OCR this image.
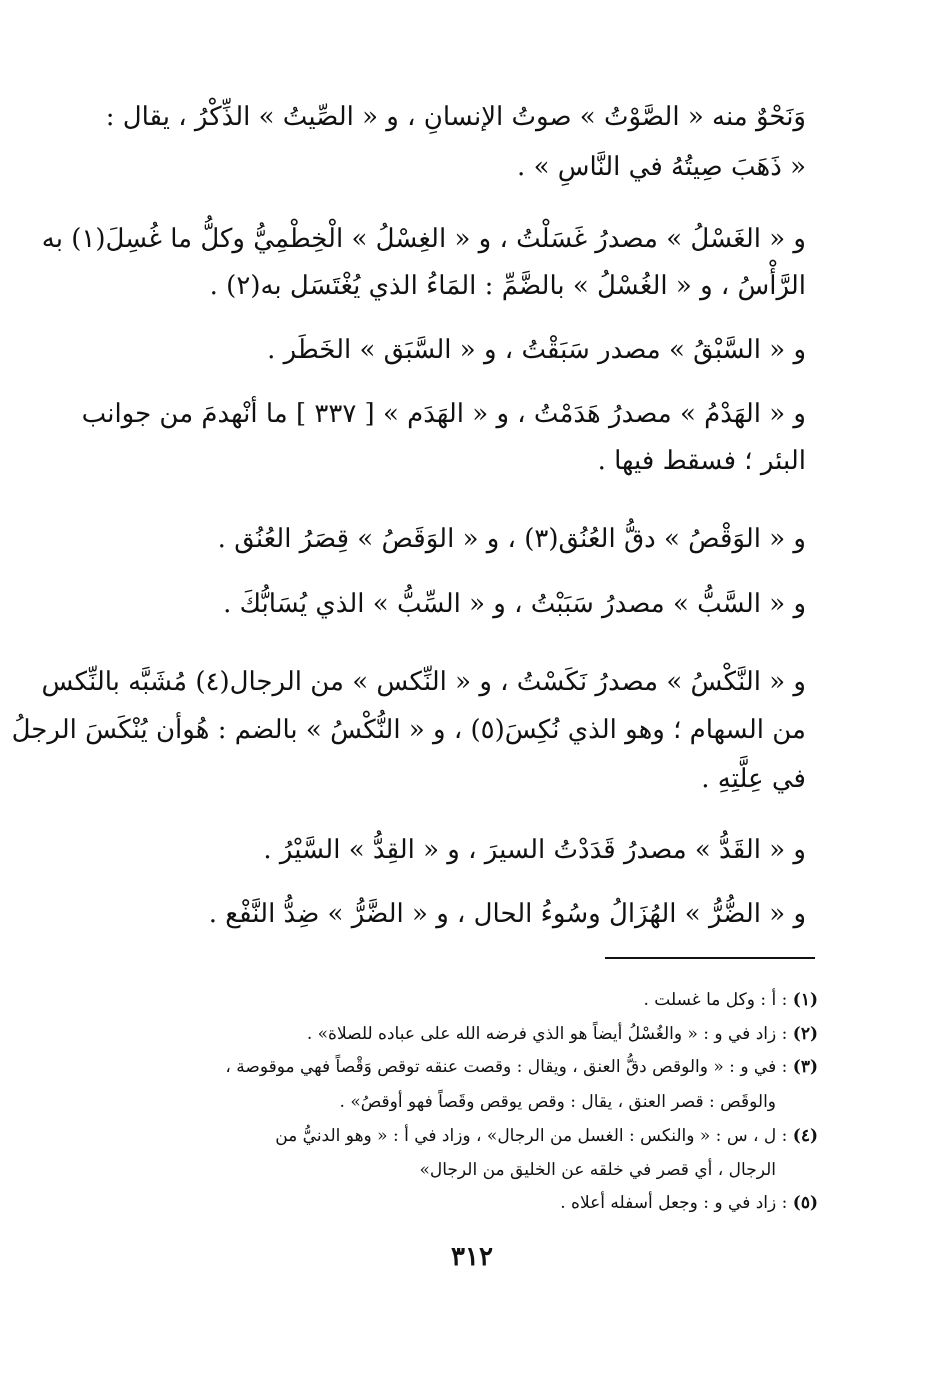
وَنَحْوٌ منه « الصَّوْتُ » صوتُ الإنسانِ ، و « الصِّيتُ » الذِّكْرُ ، يقال :
« ذَهَبَ صِيتُهُ في النَّاسِ » .
و « الغَسْلُ » مصدرُ غَسَلْتُ ، و « الغِسْلُ » الْخِطْمِيُّ وكلُّ ما غُسِلَ(١) به
الرَّأْسُ ، و « الغُسْلُ » بالضَّمِّ : المَاءُ الذي يُغْتَسَل به(٢) .
و « السَّبْقُ » مصدر سَبَقْتُ ، و « السَّبَق » الخَطَر .
و « الهَدْمُ » مصدرُ هَدَمْتُ ، و « الهَدَم » [ ٣٣٧ ] ما أنْهدمَ من جوانب
البئر ؛ فسقط فيها .
و « الوَقْصُ » دقُّ العُنُق(٣) ، و « الوَقَصُ » قِصَرُ العُنُق .
و « السَّبُّ » مصدرُ سَبَبْتُ ، و « السِّبُّ » الذي يُسَابُّكَ .
و « النَّكْسُ » مصدرُ نَكَسْتُ ، و « النِّكس » من الرجال(٤) مُشَبَّه بالنِّكس
من السهام ؛ وهو الذي نُكِسَ(٥) ، و « النُّكْسُ » بالضم : هُوأن يُنْكَسَ الرجلُ
في عِلَّتِهِ .
و « القَدُّ » مصدرُ قَدَدْتُ السيرَ ، و « القِدُّ » السَّيْرُ .
و « الضُّرُّ » الهُزَالُ وسُوءُ الحال ، و « الضَّرُّ » ضِدُّ النَّفْع .
(١) : أ : وكل ما غسلت .
(٢) : زاد في و : « والغُسْلُ أيضاً هو الذي فرضه الله على عباده للصلاة» .
(٣) : في و : « والوقص دقُّ العنق ، ويقال : وقصت عنقه توقص وَقْصاً فهي موقوصة ،
والوقَص : قصر العنق ، يقال : وقص يوقص وقَصاً فهو أوقصُ» .
(٤) : ل ، س : « والنكس : الغسل من الرجال» ، وزاد في أ : « وهو الدنيُّ من
الرجال ، أي قصر في خلقه عن الخليق من الرجال»
(٥) : زاد في و : وجعل أسفله أعلاه .
٣١٢
